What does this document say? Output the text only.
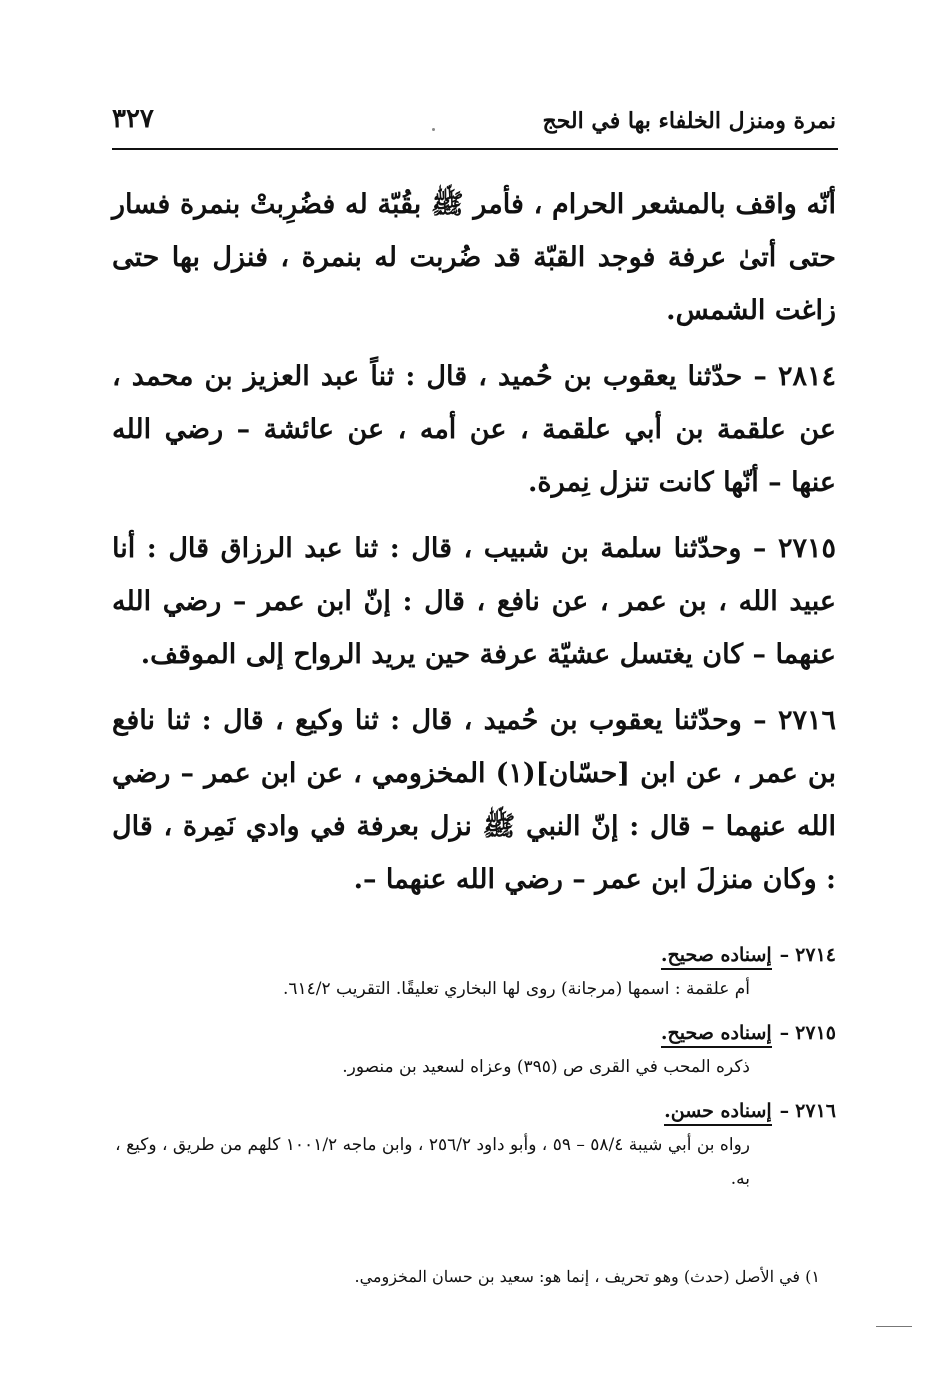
نمرة ومنزل الخلفاء بها في الحج
٣٢٧

أنّه واقف بالمشعر الحرام ، فأمر ﷺ بقُبّة له فضُرِبتْ بنمرة فسار حتى أتىٰ عرفة فوجد القبّة قد ضُربت له بنمرة ، فنزل بها حتى زاغت الشمس.

٢٨١٤ – حدّثنا يعقوب بن حُميد ، قال : ثناً عبد العزيز بن محمد ، عن علقمة بن أبي علقمة ، عن أمه ، عن عائشة – رضي الله عنها – أنّها كانت تنزل نِمرة.

٢٧١٥ – وحدّثنا سلمة بن شبيب ، قال : ثنا عبد الرزاق قال : أنا عبيد الله ، بن عمر ، عن نافع ، قال : إنّ ابن عمر – رضي الله عنهما – كان يغتسل عشيّة عرفة حين يريد الرواح إلى الموقف.

٢٧١٦ – وحدّثنا يعقوب بن حُميد ، قال : ثنا وكيع ، قال : ثنا نافع بن عمر ، عن ابن [حسّان](١) المخزومي ، عن ابن عمر – رضي الله عنهما – قال : إنّ النبي ﷺ نزل بعرفة في وادي نَمِرة ، قال : وكان منزلَ ابن عمر – رضي الله عنهما –.

٢٧١٤–إسناده صحيح.
أم علقمة : اسمها (مرجانة) روى لها البخاري تعليقًا. التقريب ٦١٤/٢.
٢٧١٥–إسناده صحيح.
ذكره المحب في القرى ص (٣٩٥) وعزاه لسعيد بن منصور.
٢٧١٦–إسناده حسن.
رواه بن أبي شيبة ٥٨/٤ – ٥٩ ، وأبو داود ٢٥٦/٢ ، وابن ماجه ١٠٠١/٢ كلهم من طريق ، وكيع ، به.
١) في الأصل (حدث) وهو تحريف ، إنما هو: سعيد بن حسان المخزومي.
